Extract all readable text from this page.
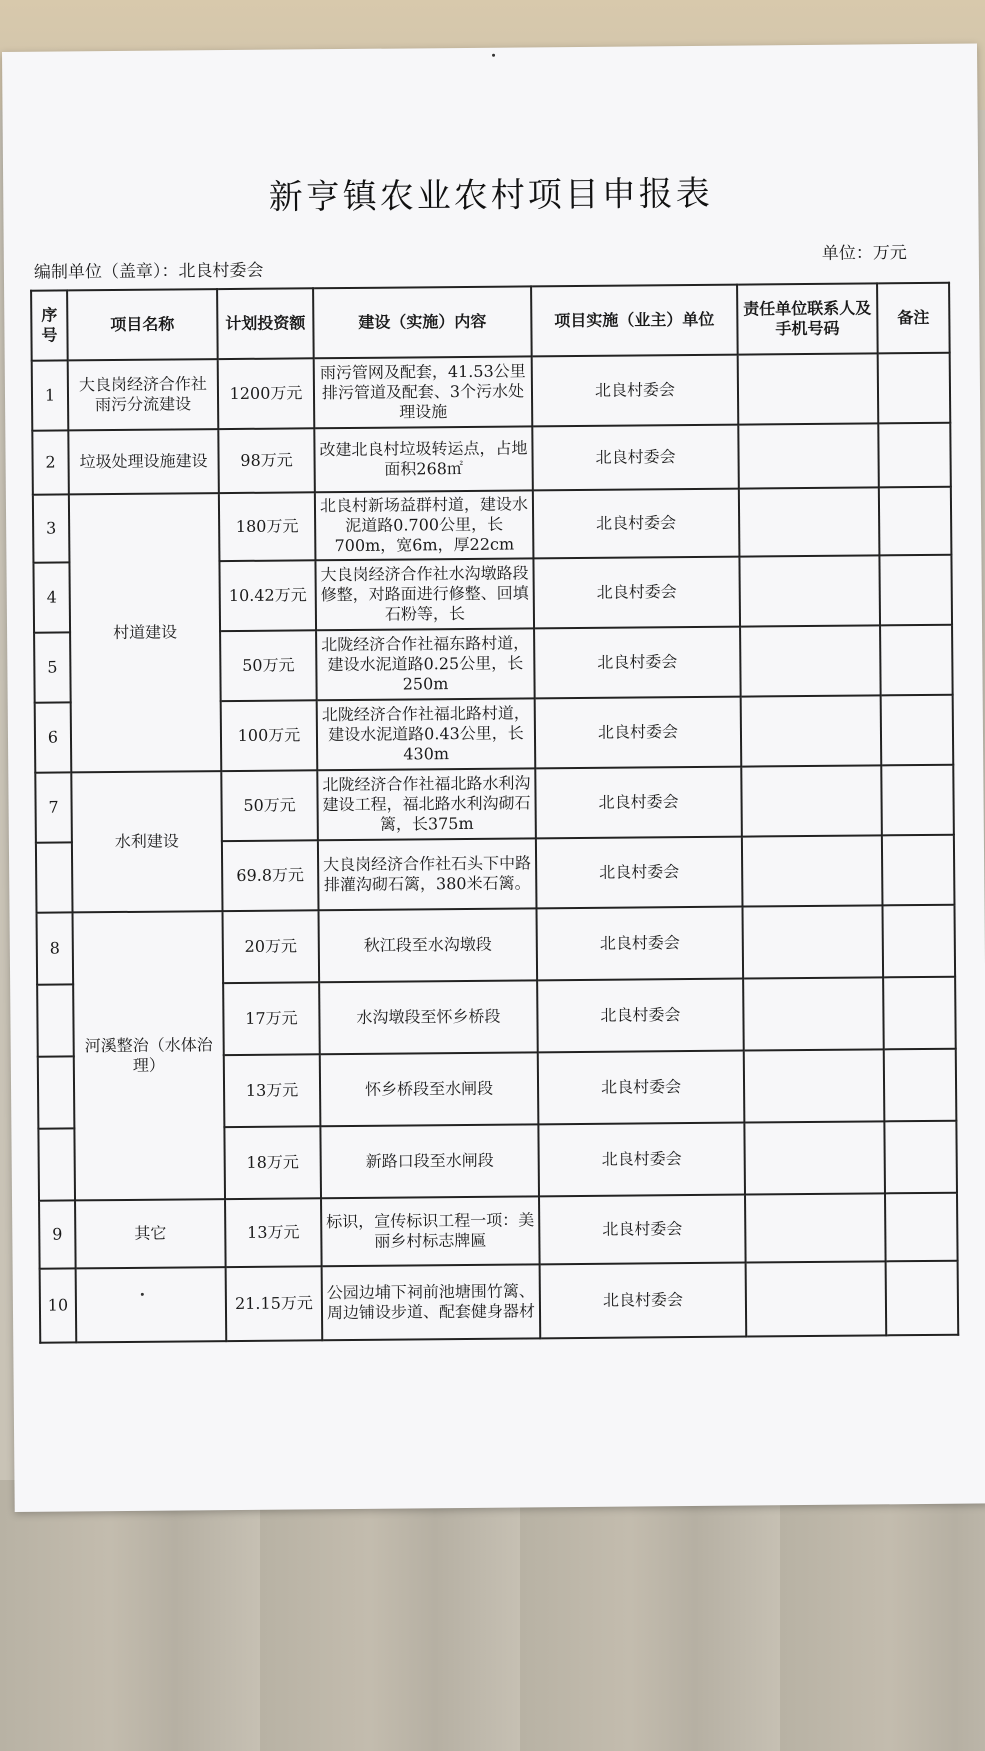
新亨镇农业农村项目申报表
编制单位（盖章）：北良村委会
单位：万元
序号	项目名称	计划投资额	建设（实施）内容	项目实施（业主）单位	责任单位联系人及手机号码	备注
1	大良岗经济合作社雨污分流建设	1200万元	雨污管网及配套，41.53公里排污管道及配套、3个污水处理设施	北良村委会		
2	垃圾处理设施建设	98万元	改建北良村垃圾转运点，占地面积268㎡	北良村委会		
3	村道建设	180万元	北良村新场益群村道，建设水泥道路0.700公里，长700m，宽6m，厚22cm	北良村委会		
4		10.42万元	大良岗经济合作社水沟墩路段修整，对路面进行修整、回填石粉等，长	北良村委会		
5		50万元	北陇经济合作社福东路村道，建设水泥道路0.25公里，长250m	北良村委会		
6		100万元	北陇经济合作社福北路村道，建设水泥道路0.43公里，长430m	北良村委会		
7	水利建设	50万元	北陇经济合作社福北路水利沟建设工程，福北路水利沟砌石篱，长375m	北良村委会		
		69.8万元	大良岗经济合作社石头下中路排灌沟砌石篱，380米石篱。	北良村委会		
8	河溪整治（水体治理）	20万元	秋江段至水沟墩段	北良村委会		
		17万元	水沟墩段至怀乡桥段	北良村委会		
		13万元	怀乡桥段至水闸段	北良村委会		
		18万元	新路口段至水闸段	北良村委会		
9	其它	13万元	标识，宣传标识工程一项：美丽乡村标志牌匾	北良村委会		
10		21.15万元	公园边埔下祠前池塘围竹篱、周边铺设步道、配套健身器材	北良村委会		
